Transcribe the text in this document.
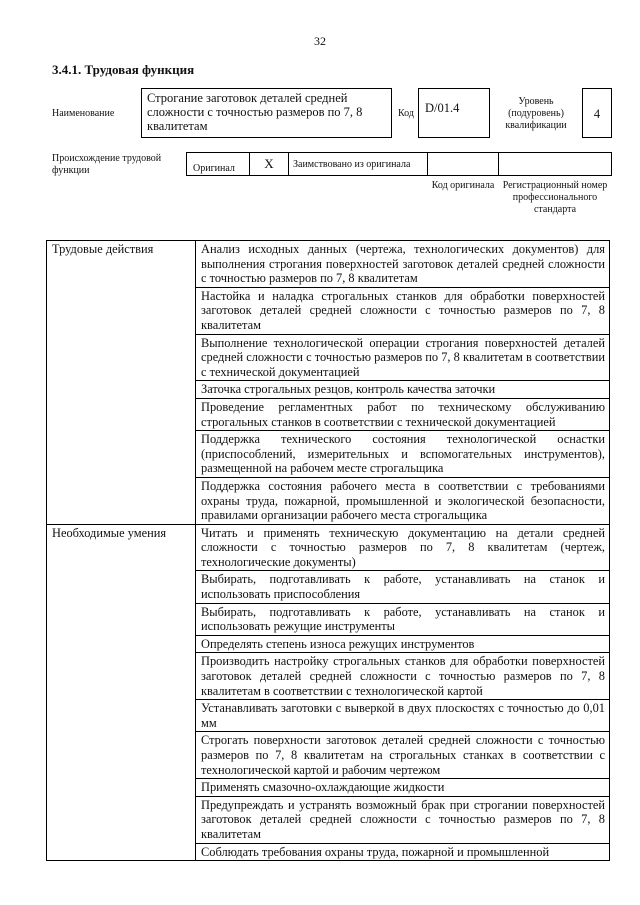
32
3.4.1. Трудовая функция
Наименование
Строгание заготовок деталей средней сложности с точностью размеров по 7, 8 квалитетам
Код D/01.4	Уровень (подуровень) квалификации
4
Происхождение трудовой функции	Оригинал	X	Заимствовано из оригинала
Код оригинала Регистрационный номер профессионального стандарта
Трудовые действия	Анализ исходных данных (чертежа, технологических документов) для выполнения строгания поверхностей заготовок деталей средней сложности с точностью размеров по 7, 8 квалитетам
	Настойка и наладка строгальных станков для обработки поверхностей заготовок деталей средней сложности с точностью размеров по 7, 8 квалитетам
	Выполнение технологической операции строгания поверхностей деталей средней сложности с точностью размеров по 7, 8 квалитетам в соответствии с технической документацией
	Заточка строгальных резцов, контроль качества заточки
	Проведение регламентных работ по техническому обслуживанию строгальных станков в соответствии с технической документацией
	Поддержка технического состояния технологической оснастки (приспособлений, измерительных и вспомогательных инструментов), размещенной на рабочем месте строгальщика
	Поддержка состояния рабочего места в соответствии с требованиями охраны труда, пожарной, промышленной и экологической безопасности, правилами организации рабочего места строгальщика
Необходимые умения	Читать и применять техническую документацию на детали средней сложности с точностью размеров по 7, 8 квалитетам (чертеж, технологические документы)
	Выбирать, подготавливать к работе, устанавливать на станок и использовать приспособления
	Выбирать, подготавливать к работе, устанавливать на станок и использовать режущие инструменты
	Определять степень износа режущих инструментов
	Производить настройку строгальных станков для обработки поверхностей заготовок деталей средней сложности с точностью размеров по 7, 8 квалитетам в соответствии с технологической картой
	Устанавливать заготовки с выверкой в двух плоскостях с точностью до 0,01 мм
	Строгать поверхности заготовок деталей средней сложности с точностью размеров по 7, 8 квалитетам на строгальных станках в соответствии с технологической картой и рабочим чертежом
	Применять смазочно-охлаждающие жидкости
	Предупреждать и устранять возможный брак при строгании поверхностей заготовок деталей средней сложности с точностью размеров по 7, 8 квалитетам
	Соблюдать требования охраны труда, пожарной и промышленной
